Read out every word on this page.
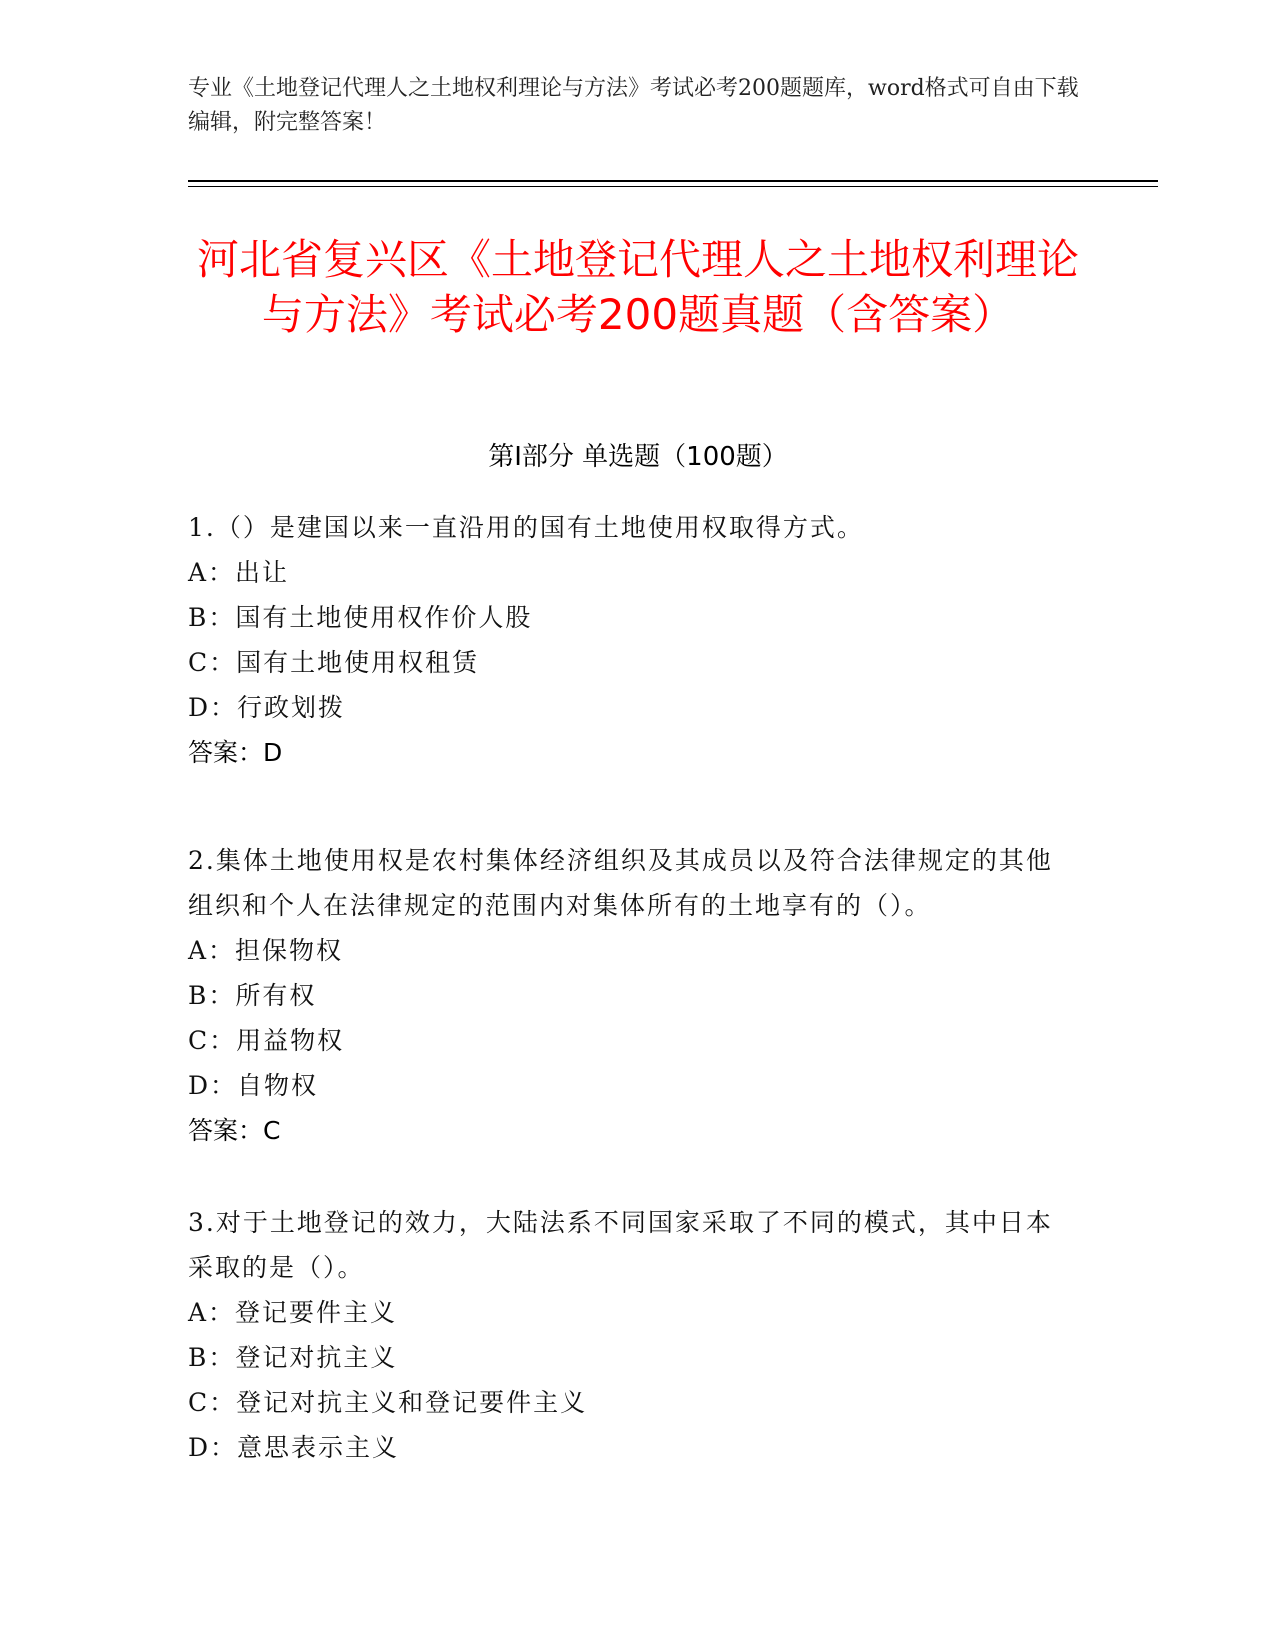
专业《土地登记代理人之土地权利理论与方法》考试必考200题题库，word格式可自由下载编辑，附完整答案！
河北省复兴区《土地登记代理人之土地权利理论与方法》考试必考200题真题（含答案）
第I部分 单选题（100题）
1.（）是建国以来一直沿用的国有土地使用权取得方式。
A：出让
B：国有土地使用权作价人股
C：国有土地使用权租赁
D：行政划拨
答案：D
2.集体土地使用权是农村集体经济组织及其成员以及符合法律规定的其他组织和个人在法律规定的范围内对集体所有的土地享有的（）。
A：担保物权
B：所有权
C：用益物权
D：自物权
答案：C
3.对于土地登记的效力，大陆法系不同国家采取了不同的模式，其中日本采取的是（）。
A：登记要件主义
B：登记对抗主义
C：登记对抗主义和登记要件主义
D：意思表示主义
